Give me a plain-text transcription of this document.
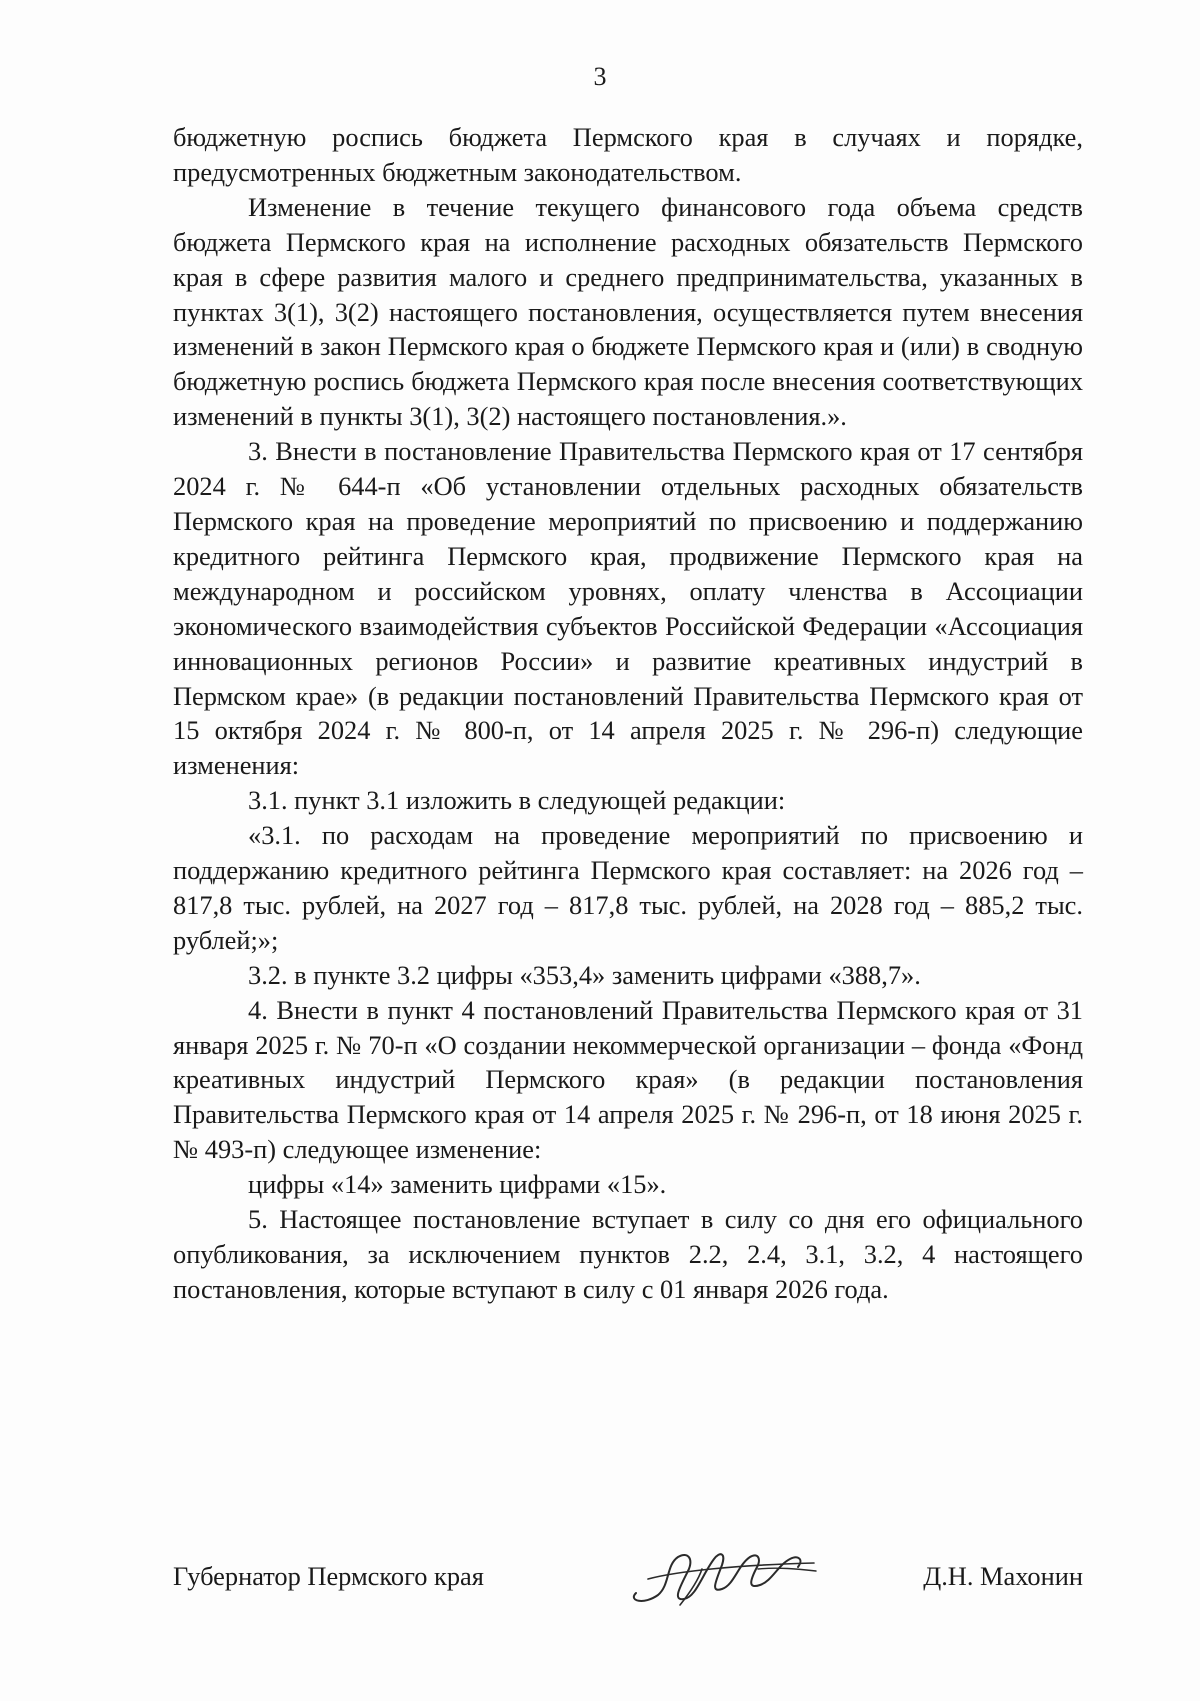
3

бюджетную роспись бюджета Пермского края в случаях и порядке, предусмотренных бюджетным законодательством.

Изменение в течение текущего финансового года объема средств бюджета Пермского края на исполнение расходных обязательств Пермского края в сфере развития малого и среднего предпринимательства, указанных в пунктах 3(1), 3(2) настоящего постановления, осуществляется путем внесения изменений в закон Пермского края о бюджете Пермского края и (или) в сводную бюджетную роспись бюджета Пермского края после внесения соответствующих изменений в пункты 3(1), 3(2) настоящего постановления.».

3. Внести в постановление Правительства Пермского края от 17 сентября 2024 г. № 644-п «Об установлении отдельных расходных обязательств Пермского края на проведение мероприятий по присвоению и поддержанию кредитного рейтинга Пермского края, продвижение Пермского края на международном и российском уровнях, оплату членства в Ассоциации экономического взаимодействия субъектов Российской Федерации «Ассоциация инновационных регионов России» и развитие креативных индустрий в Пермском крае» (в редакции постановлений Правительства Пермского края от 15 октября 2024 г. № 800-п, от 14 апреля 2025 г. № 296-п) следующие изменения:

3.1. пункт 3.1 изложить в следующей редакции:

«3.1. по расходам на проведение мероприятий по присвоению и поддержанию кредитного рейтинга Пермского края составляет: на 2026 год – 817,8 тыс. рублей, на 2027 год – 817,8 тыс. рублей, на 2028 год – 885,2 тыс. рублей;»;

3.2. в пункте 3.2 цифры «353,4» заменить цифрами «388,7».

4. Внести в пункт 4 постановлений Правительства Пермского края от 31 января 2025 г. № 70-п «О создании некоммерческой организации – фонда «Фонд креативных индустрий Пермского края» (в редакции постановления Правительства Пермского края от 14 апреля 2025 г. № 296-п, от 18 июня 2025 г. № 493-п) следующее изменение:

цифры «14» заменить цифрами «15».

5. Настоящее постановление вступает в силу со дня его официального опубликования, за исключением пунктов 2.2, 2.4, 3.1, 3.2, 4 настоящего постановления, которые вступают в силу с 01 января 2026 года.

Губернатор Пермского края	Д.Н. Махонин
